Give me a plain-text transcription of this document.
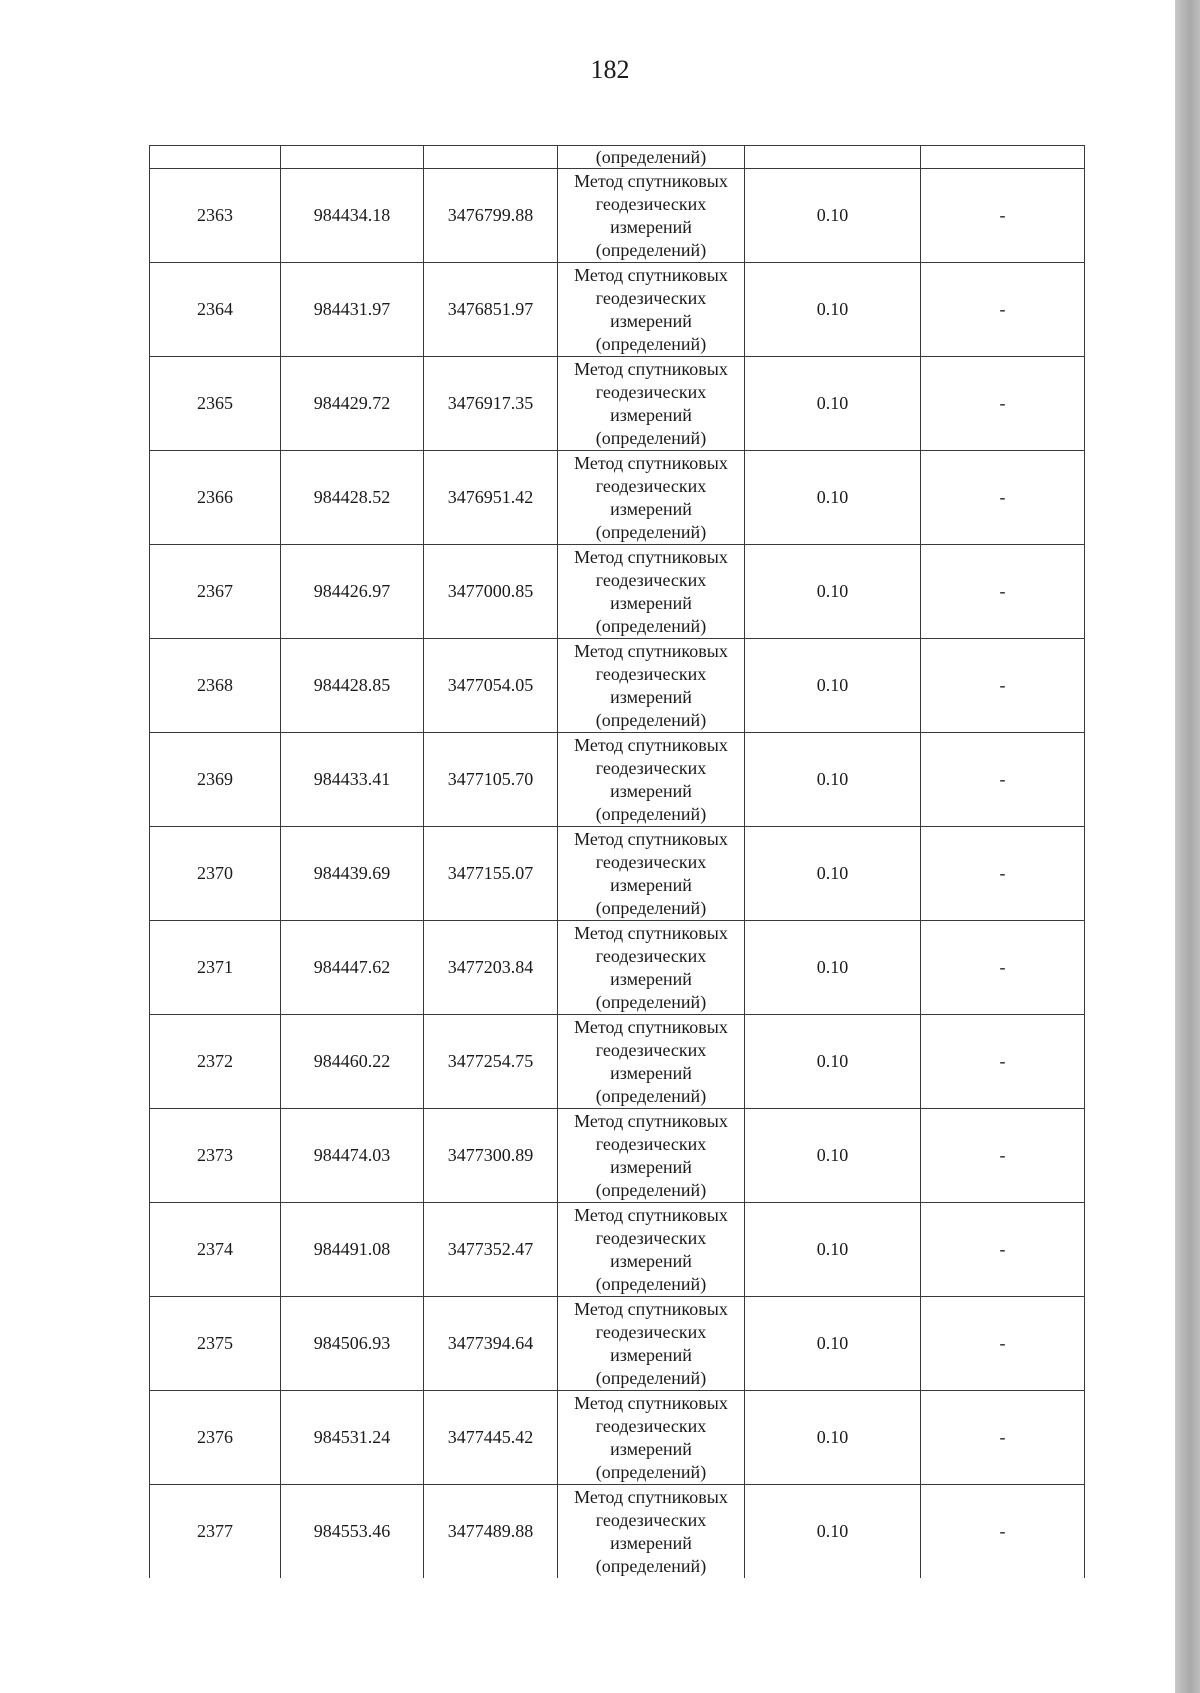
182
			(определений)		
2363	984434.18	3476799.88	Метод спутниковых
геодезических
измерений
(определений)	0.10	-
2364	984431.97	3476851.97	Метод спутниковых
геодезических
измерений
(определений)	0.10	-
2365	984429.72	3476917.35	Метод спутниковых
геодезических
измерений
(определений)	0.10	-
2366	984428.52	3476951.42	Метод спутниковых
геодезических
измерений
(определений)	0.10	-
2367	984426.97	3477000.85	Метод спутниковых
геодезических
измерений
(определений)	0.10	-
2368	984428.85	3477054.05	Метод спутниковых
геодезических
измерений
(определений)	0.10	-
2369	984433.41	3477105.70	Метод спутниковых
геодезических
измерений
(определений)	0.10	-
2370	984439.69	3477155.07	Метод спутниковых
геодезических
измерений
(определений)	0.10	-
2371	984447.62	3477203.84	Метод спутниковых
геодезических
измерений
(определений)	0.10	-
2372	984460.22	3477254.75	Метод спутниковых
геодезических
измерений
(определений)	0.10	-
2373	984474.03	3477300.89	Метод спутниковых
геодезических
измерений
(определений)	0.10	-
2374	984491.08	3477352.47	Метод спутниковых
геодезических
измерений
(определений)	0.10	-
2375	984506.93	3477394.64	Метод спутниковых
геодезических
измерений
(определений)	0.10	-
2376	984531.24	3477445.42	Метод спутниковых
геодезических
измерений
(определений)	0.10	-
2377	984553.46	3477489.88	Метод спутниковых
геодезических
измерений
(определений)	0.10	-
